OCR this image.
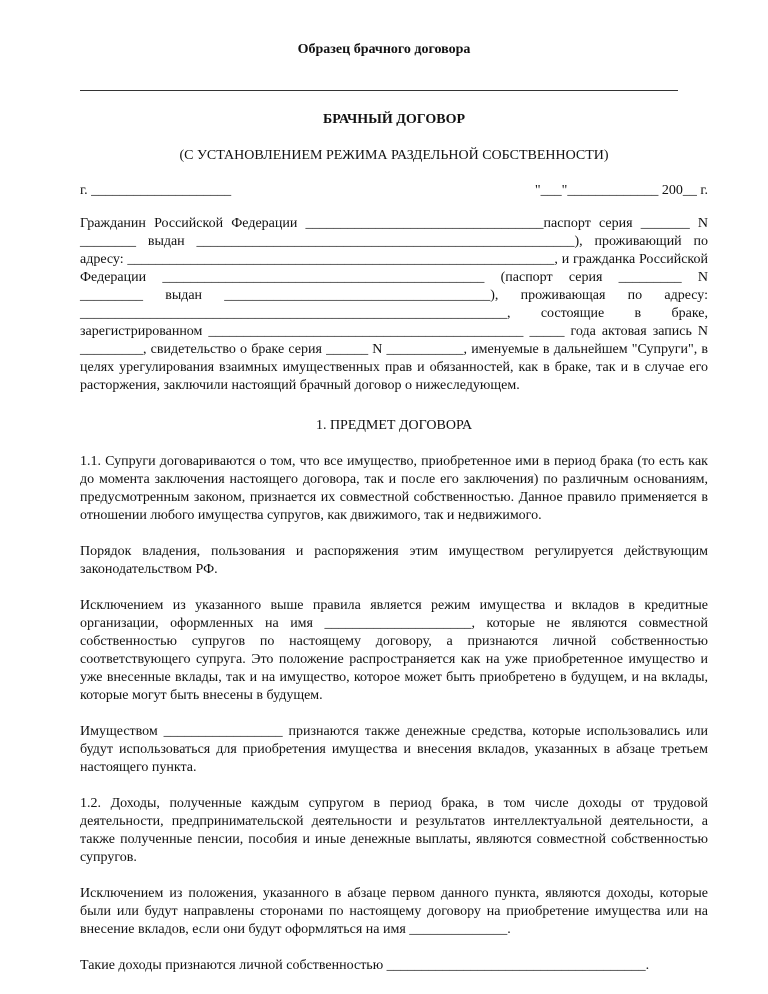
Образец брачного договора
БРАЧНЫЙ ДОГОВОР
(С УСТАНОВЛЕНИЕМ РЕЖИМА РАЗДЕЛЬНОЙ СОБСТВЕННОСТИ)
г. ____________________	"___"_____________ 200__ г.

Гражданин Российской Федерации __________________________________паспорт серия _______ N ________ выдан ______________________________________________________), проживающий по адресу: _____________________________________________________________, и гражданка Российской Федерации ______________________________________________ (паспорт серия _________ N _________ выдан ______________________________________), проживающая по адресу: _____________________________________________________________, состоящие в браке, зарегистрированном _____________________________________________ _____ года актовая запись N _________, свидетельство о браке серия ______ N ___________, именуемые в дальнейшем "Супруги", в целях урегулирования взаимных имущественных прав и обязанностей, как в браке, так и в случае его расторжения, заключили настоящий брачный договор о нижеследующем.

1. ПРЕДМЕТ ДОГОВОРА

1.1. Супруги договариваются о том, что все имущество, приобретенное ими в период брака (то есть как до момента заключения настоящего договора, так и после его заключения) по различным основаниям, предусмотренным законом, признается их совместной собственностью. Данное правило применяется в отношении любого имущества супругов, как движимого, так и недвижимого.

Порядок владения, пользования и распоряжения этим имуществом регулируется действующим законодательством РФ.

Исключением из указанного выше правила является режим имущества и вкладов в кредитные организации, оформленных на имя _____________________, которые не являются совместной собственностью супругов по настоящему договору, а признаются личной собственностью соответствующего супруга. Это положение распространяется как на уже приобретенное имущество и уже внесенные вклады, так и на имущество, которое может быть приобретено в будущем, и на вклады, которые могут быть внесены в будущем.

Имуществом _________________ признаются также денежные средства, которые использовались или будут использоваться для приобретения имущества и внесения вкладов, указанных в абзаце третьем настоящего пункта.

1.2. Доходы, полученные каждым супругом в период брака, в том числе доходы от трудовой деятельности, предпринимательской деятельности и результатов интеллектуальной деятельности, а также полученные пенсии, пособия и иные денежные выплаты, являются совместной собственностью супругов.

Исключением из положения, указанного в абзаце первом данного пункта, являются доходы, которые были или будут направлены сторонами по настоящему договору на приобретение имущества или на внесение вкладов, если они будут оформляться на имя ______________.

Такие доходы признаются личной собственностью _____________________________________.
